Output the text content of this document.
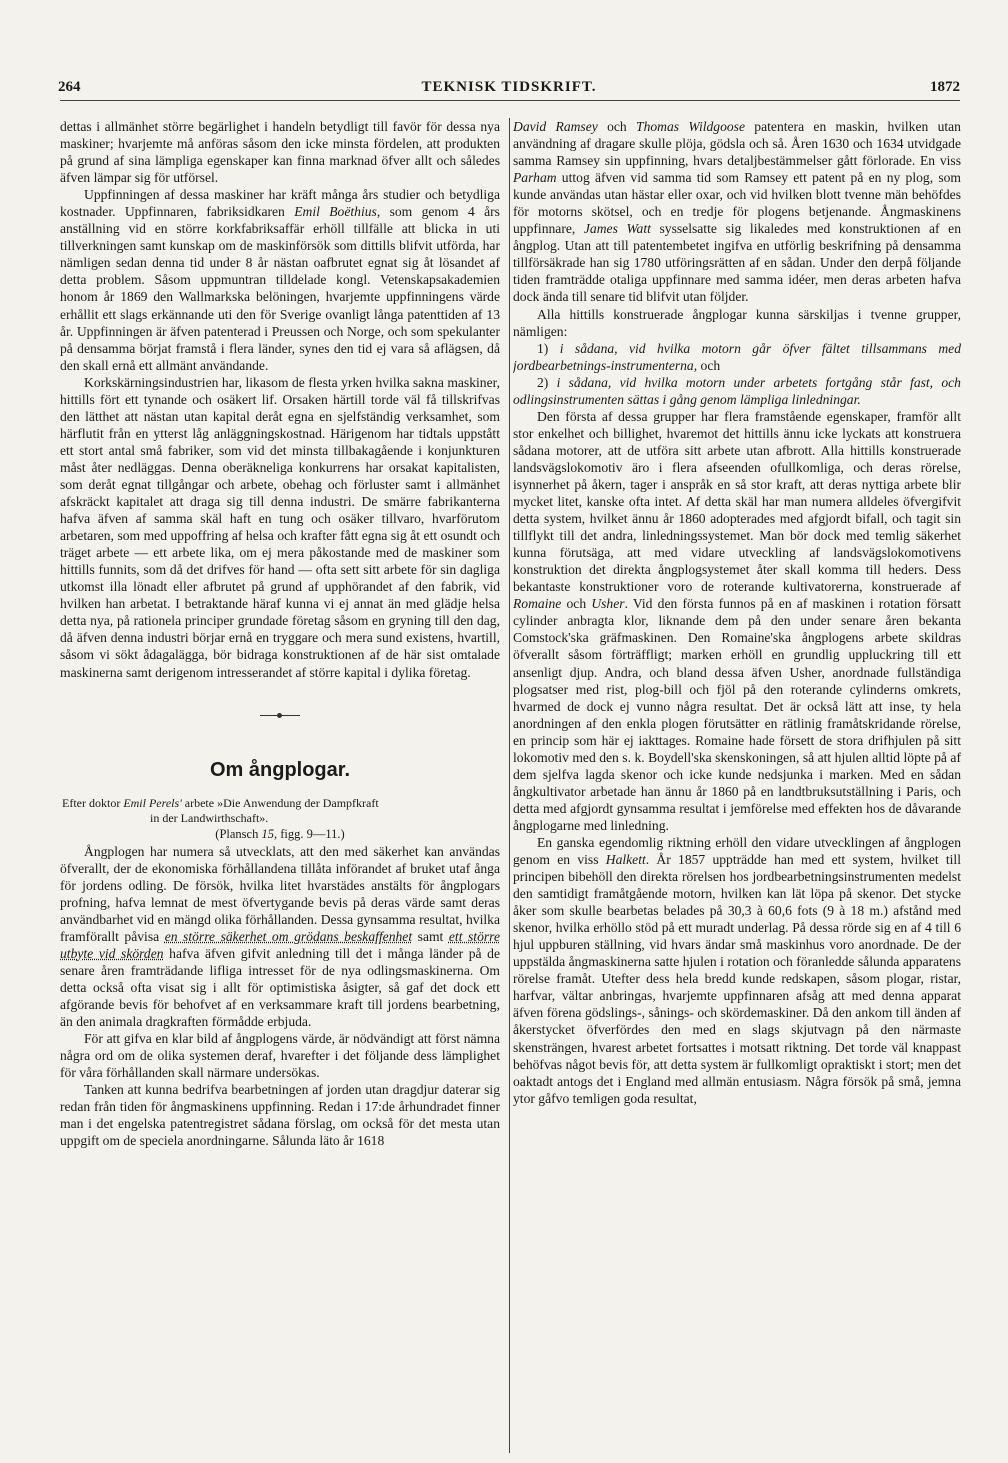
264	TEKNISK TIDSKRIFT.	1872

dettas i allmänhet större begärlighet i handeln betydligt till favör för dessa nya maskiner; hvarjemte må anföras såsom den icke minsta fördelen, att produkten på grund af sina lämpliga egenskaper kan finna marknad öfver allt och således äfven lämpar sig för utförsel.

Uppfinningen af dessa maskiner har kräft många års studier och betydliga kostnader. Uppfinnaren, fabriksidkaren Emil Boëthius, som genom 4 års anställning vid en större korkfabriksaffär erhöll tillfälle att blicka in uti tillverkningen samt kunskap om de maskinförsök som dittills blifvit utförda, har nämligen sedan denna tid under 8 år nästan oafbrutet egnat sig åt lösandet af detta problem. Såsom uppmuntran tilldelade kongl. Vetenskapsakademien honom år 1869 den Wallmarkska belöningen, hvarjemte uppfinningens värde erhållit ett slags erkännande uti den för Sverige ovanligt långa patenttiden af 13 år. Uppfinningen är äfven patenterad i Preussen och Norge, och som spekulanter på densamma börjat framstå i flera länder, synes den tid ej vara så aflägsen, då den skall ernå ett allmänt användande.

Korkskärningsindustrien har, likasom de flesta yrken hvilka sakna maskiner, hittills fört ett tynande och osäkert lif. Orsaken härtill torde väl få tillskrifvas den lätthet att nästan utan kapital deråt egna en sjelfständig verksamhet, som härflutit från en ytterst låg anläggningskostnad. Härigenom har tidtals uppstått ett stort antal små fabriker, som vid det minsta tillbakagående i konjunkturen måst åter nedläggas. Denna oberäkneliga konkurrens har orsakat kapitalisten, som deråt egnat tillgångar och arbete, obehag och förluster samt i allmänhet afskräckt kapitalet att draga sig till denna industri. De smärre fabrikanterna hafva äfven af samma skäl haft en tung och osäker tillvaro, hvarförutom arbetaren, som med uppoffring af helsa och krafter fått egna sig åt ett osundt och träget arbete — ett arbete lika, om ej mera påkostande med de maskiner som hittills funnits, som då det drifves för hand — ofta sett sitt arbete för sin dagliga utkomst illa lönadt eller afbrutet på grund af upphörandet af den fabrik, vid hvilken han arbetat. I betraktande häraf kunna vi ej annat än med glädje helsa detta nya, på rationela principer grundade företag såsom en gryning till den dag, då äfven denna industri börjar ernå en tryggare och mera sund existens, hvartill, såsom vi sökt ådagalägga, bör bidraga konstruktionen af de här sist omtalade maskinerna samt derigenom intresserandet af större kapital i dylika företag.

Om ångplogar.

Efter doktor Emil Perels' arbete »Die Anwendung der Dampfkraft
in der Landwirthschaft».

(Plansch 15, figg. 9—11.)

Ångplogen har numera så utvecklats, att den med säkerhet kan användas öfverallt, der de ekonomiska förhållandena tillåta införandet af bruket utaf ånga för jordens odling. De försök, hvilka litet hvarstädes anstälts för ångplogars profning, hafva lemnat de mest öfvertygande bevis på deras värde samt deras användbarhet vid en mängd olika förhållanden. Dessa gynsamma resultat, hvilka framförallt påvisa en större säkerhet om grödans beskaffenhet samt ett större utbyte vid skörden hafva äfven gifvit anledning till det i många länder på de senare åren framträdande lifliga intresset för de nya odlingsmaskinerna. Om detta också ofta visat sig i allt för optimistiska åsigter, så gaf det dock ett afgörande bevis för behofvet af en verksammare kraft till jordens bearbetning, än den animala dragkraften förmådde erbjuda.

För att gifva en klar bild af ångplogens värde, är nödvändigt att först nämna några ord om de olika systemen deraf, hvarefter i det följande dess lämplighet för våra förhållanden skall närmare undersökas.

Tanken att kunna bedrifva bearbetningen af jorden utan dragdjur daterar sig redan från tiden för ångmaskinens uppfinning. Redan i 17:de århundradet finner man i det engelska patentregistret sådana förslag, om också för det mesta utan uppgift om de speciela anordningarne. Sålunda läto år 1618

David Ramsey och Thomas Wildgoose patentera en maskin, hvilken utan användning af dragare skulle plöja, gödsla och så. Åren 1630 och 1634 utvidgade samma Ramsey sin uppfinning, hvars detaljbestämmelser gått förlorade. En viss Parham uttog äfven vid samma tid som Ramsey ett patent på en ny plog, som kunde användas utan hästar eller oxar, och vid hvilken blott tvenne män behöfdes för motorns skötsel, och en tredje för plogens betjenande. Ångmaskinens uppfinnare, James Watt sysselsatte sig likaledes med konstruktionen af en ångplog. Utan att till patentembetet ingifva en utförlig beskrifning på densamma tillförsäkrade han sig 1780 utföringsrätten af en sådan. Under den derpå följande tiden framträdde otaliga uppfinnare med samma idéer, men deras arbeten hafva dock ända till senare tid blifvit utan följder.

Alla hittills konstruerade ångplogar kunna särskiljas i tvenne grupper, nämligen:

1) i sådana, vid hvilka motorn går öfver fältet tillsammans med jordbearbetnings-instrumenterna, och

2) i sådana, vid hvilka motorn under arbetets fortgång står fast, och odlingsinstrumenten sättas i gång genom lämpliga linledningar.

Den första af dessa grupper har flera framstående egenskaper, framför allt stor enkelhet och billighet, hvaremot det hittills ännu icke lyckats att konstruera sådana motorer, att de utföra sitt arbete utan afbrott. Alla hittills konstruerade landsvägslokomotiv äro i flera afseenden ofullkomliga, och deras rörelse, isynnerhet på åkern, tager i anspråk en så stor kraft, att deras nyttiga arbete blir mycket litet, kanske ofta intet. Af detta skäl har man numera alldeles öfvergifvit detta system, hvilket ännu år 1860 adopterades med afgjordt bifall, och tagit sin tillflykt till det andra, linledningssystemet. Man bör dock med temlig säkerhet kunna förutsäga, att med vidare utveckling af landsvägslokomotivens konstruktion det direkta ångplogsystemet åter skall komma till heders. Dess bekantaste konstruktioner voro de roterande kultivatorerna, konstruerade af Romaine och Usher. Vid den första funnos på en af maskinen i rotation försatt cylinder anbragta klor, liknande dem på den under senare åren bekanta Comstock'ska gräfmaskinen. Den Romaine'ska ångplogens arbete skildras öfverallt såsom förträffligt; marken erhöll en grundlig uppluckring till ett ansenligt djup. Andra, och bland dessa äfven Usher, anordnade fullständiga plogsatser med rist, plog-bill och fjöl på den roterande cylinderns omkrets, hvarmed de dock ej vunno några resultat. Det är också lätt att inse, ty hela anordningen af den enkla plogen förutsätter en rätlinig framåtskridande rörelse, en princip som här ej iakttages. Romaine hade försett de stora drifhjulen på sitt lokomotiv med den s. k. Boydell'ska skenskoningen, så att hjulen alltid löpte på af dem sjelfva lagda skenor och icke kunde nedsjunka i marken. Med en sådan ångkultivator arbetade han ännu år 1860 på en landtbruksutställning i Paris, och detta med afgjordt gynsamma resultat i jemförelse med effekten hos de dåvarande ångplogarne med linledning.

En ganska egendomlig riktning erhöll den vidare utvecklingen af ångplogen genom en viss Halkett. År 1857 uppträdde han med ett system, hvilket till principen bibehöll den direkta rörelsen hos jordbearbetningsinstrumenten medelst den samtidigt framåtgående motorn, hvilken kan lät löpa på skenor. Det stycke åker som skulle bearbetas belades på 30,3 à 60,6 fots (9 à 18 m.) afstånd med skenor, hvilka erhöllo stöd på ett muradt underlag. På dessa rörde sig en af 4 till 6 hjul uppburen ställning, vid hvars ändar små maskinhus voro anordnade. De der uppstälda ångmaskinerna satte hjulen i rotation och föranledde sålunda apparatens rörelse framåt. Utefter dess hela bredd kunde redskapen, såsom plogar, ristar, harfvar, vältar anbringas, hvarjemte uppfinnaren afsåg att med denna apparat äfven förena gödslings-, sånings- och skördemaskiner. Då den ankom till änden af åkerstycket öfverfördes den med en slags skjutvagn på den närmaste skensträngen, hvarest arbetet fortsattes i motsatt riktning. Det torde väl knappast behöfvas något bevis för, att detta system är fullkomligt opraktiskt i stort; men det oaktadt antogs det i England med allmän entusiasm. Några försök på små, jemna ytor gåfvo temligen goda resultat,
